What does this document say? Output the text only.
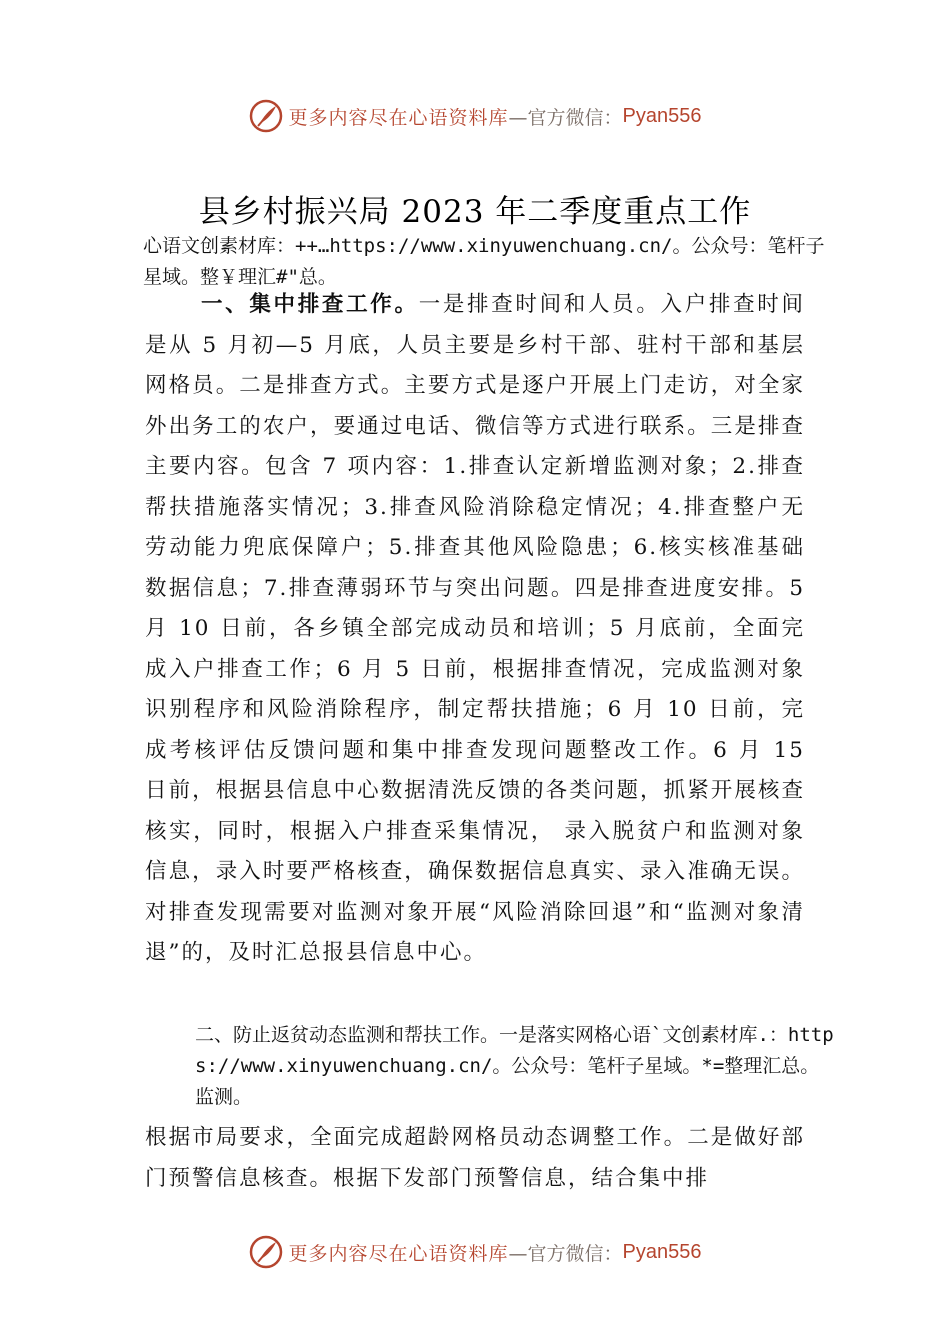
更多内容尽在心语资料库 —官方微信： Pyan556
县乡村振兴局 2023 年二季度重点工作
心语文创素材库：++…https://www.xinyuwenchuang.cn/。公众号：笔杆子星域。整￥理汇#"总。
一、集中排查工作。一是排查时间和人员。入户排查时间是从 5 月初—5 月底，人员主要是乡村干部、驻村干部和基层网格员。二是排查方式。主要方式是逐户开展上门走访，对全家外出务工的农户，要通过电话、微信等方式进行联系。三是排查主要内容。包含 7 项内容：1.排查认定新增监测对象；2.排查帮扶措施落实情况；3.排查风险消除稳定情况；4.排查整户无劳动能力兜底保障户；5.排查其他风险隐患；6.核实核准基础数据信息；7.排查薄弱环节与突出问题。四是排查进度安排。5 月 10 日前，各乡镇全部完成动员和培训；5 月底前，全面完成入户排查工作；6 月 5 日前，根据排查情况，完成监测对象识别程序和风险消除程序，制定帮扶措施；6 月 10 日前，完成考核评估反馈问题和集中排查发现问题整改工作。6 月 15 日前，根据县信息中心数据清洗反馈的各类问题，抓紧开展核查核实，同时，根据入户排查采集情况， 录入脱贫户和监测对象信息，录入时要严格核查，确保数据信息真实、录入准确无误。对排查发现需要对监测对象开展“风险消除回退”和“监测对象清退”的，及时汇总报县信息中心。
二、防止返贫动态监测和帮扶工作。一是落实网格心语`文创素材库.：https://www.xinyuwenchuang.cn/。公众号：笔杆子星域。*=整理汇总。监测。
根据市局要求，全面完成超龄网格员动态调整工作。二是做好部门预警信息核查。根据下发部门预警信息，结合集中排
更多内容尽在心语资料库 —官方微信： Pyan556
